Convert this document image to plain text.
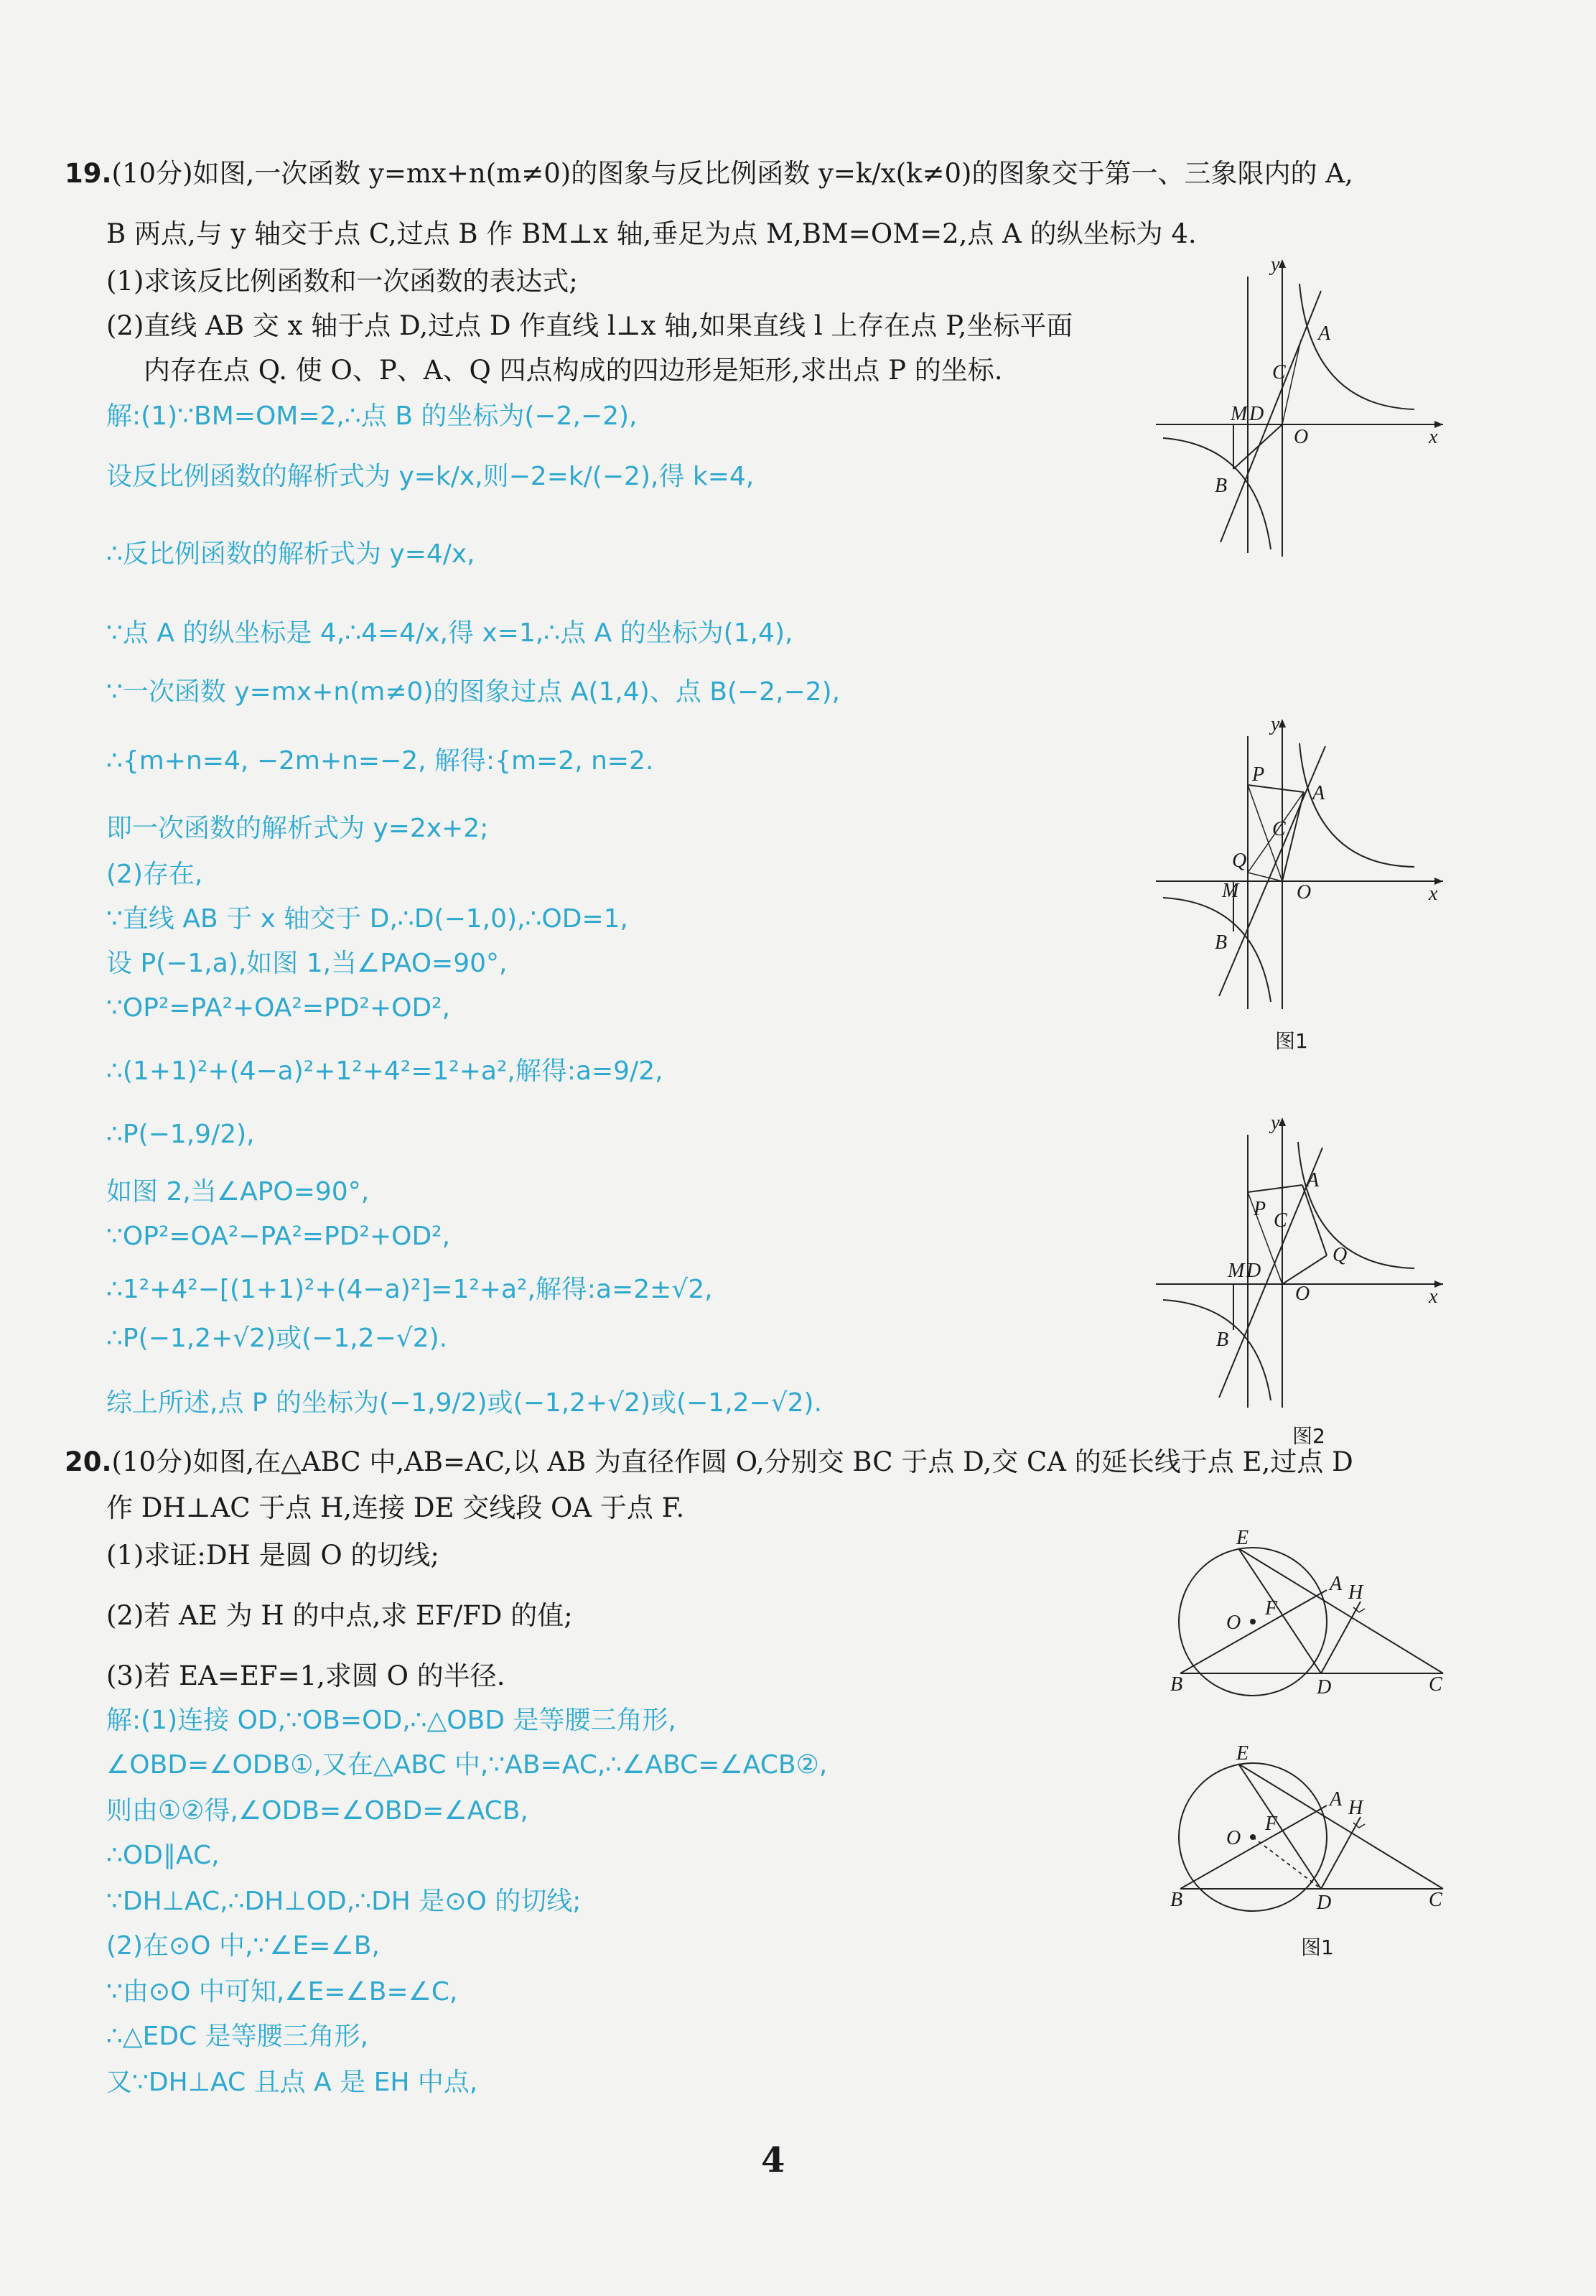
19.(10分)如图,一次函数 y=mx+n(m≠0)的图象与反比例函数 y=k/x(k≠0)的图象交于第一、三象限内的 A,
B 两点,与 y 轴交于点 C,过点 B 作 BM⊥x 轴,垂足为点 M,BM=OM=2,点 A 的纵坐标为 4.
(1)求该反比例函数和一次函数的表达式;
(2)直线 AB 交 x 轴于点 D,过点 D 作直线 l⊥x 轴,如果直线 l 上存在点 P,坐标平面
内存在点 Q. 使 O、P、A、Q 四点构成的四边形是矩形,求出点 P 的坐标.
解:(1)∵BM=OM=2,∴点 B 的坐标为(−2,−2),
设反比例函数的解析式为 y=k/x,则−2=k/(−2),得 k=4,
∴反比例函数的解析式为 y=4/x,
∵点 A 的纵坐标是 4,∴4=4/x,得 x=1,∴点 A 的坐标为(1,4),
∵一次函数 y=mx+n(m≠0)的图象过点 A(1,4)、点 B(−2,−2),
∴{m+n=4, −2m+n=−2, 解得:{m=2, n=2.
即一次函数的解析式为 y=2x+2;
(2)存在,
∵直线 AB 于 x 轴交于 D,∴D(−1,0),∴OD=1,
设 P(−1,a),如图 1,当∠PAO=90°,
∵OP²=PA²+OA²=PD²+OD²,
∴(1+1)²+(4−a)²+1²+4²=1²+a²,解得:a=9/2,
∴P(−1,9/2),
如图 2,当∠APO=90°,
∵OP²=OA²−PA²=PD²+OD²,
∴1²+4²−[(1+1)²+(4−a)²]=1²+a²,解得:a=2±√2,
∴P(−1,2+√2)或(−1,2−√2).
综上所述,点 P 的坐标为(−1,9/2)或(−1,2+√2)或(−1,2−√2).
y
x
A
C
M D
O
B
y
x
A
P
C
Q
M	O
B
图1
y
x
A
P
C
Q
M D
O
B
图2
20.(10分)如图,在△ABC 中,AB=AC,以 AB 为直径作圆 O,分别交 BC 于点 D,交 CA 的延长线于点 E,过点 D
作 DH⊥AC 于点 H,连接 DE 交线段 OA 于点 F.
(1)求证:DH 是圆 O 的切线;
(2)若 AE 为 H 的中点,求 EF/FD 的值;
(3)若 EA=EF=1,求圆 O 的半径.
解:(1)连接 OD,∵OB=OD,∴△OBD 是等腰三角形,
∠OBD=∠ODB①,又在△ABC 中,∵AB=AC,∴∠ABC=∠ACB②,
则由①②得,∠ODB=∠OBD=∠ACB,
∴OD∥AC,
∵DH⊥AC,∴DH⊥OD,∴DH 是⊙O 的切线;
(2)在⊙O 中,∵∠E=∠B,
∵由⊙O 中可知,∠E=∠B=∠C,
∴△EDC 是等腰三角形,
又∵DH⊥AC 且点 A 是 EH 中点,
E
A H
O
F
B	D	C
E
A H
O
F
B	D	C
图1
4
